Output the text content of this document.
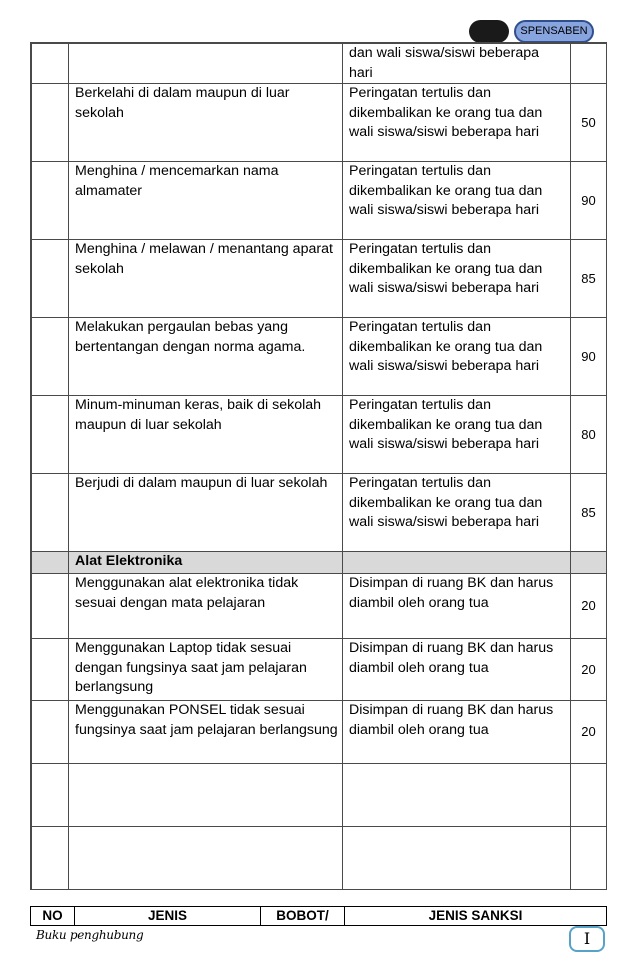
SPENSABEN
		dan wali siswa/siswi beberapa hari	
	Berkelahi di dalam maupun di luar sekolah	Peringatan tertulis dan dikembalikan ke orang tua dan wali siswa/siswi beberapa hari	50
	Menghina / mencemarkan nama almamater	Peringatan tertulis dan dikembalikan ke orang tua dan wali siswa/siswi beberapa hari	90
	Menghina / melawan / menantang aparat sekolah	Peringatan tertulis dan dikembalikan ke orang tua dan wali siswa/siswi beberapa hari	85
	Melakukan pergaulan bebas yang bertentangan dengan norma agama.	Peringatan tertulis dan dikembalikan ke orang tua dan wali siswa/siswi beberapa hari	90
	Minum-minuman keras, baik di sekolah maupun di luar sekolah	Peringatan tertulis dan dikembalikan ke orang tua dan wali siswa/siswi beberapa hari	80
	Berjudi di dalam maupun di luar sekolah	Peringatan tertulis dan dikembalikan ke orang tua dan wali siswa/siswi beberapa hari	85
	Alat Elektronika		
	Menggunakan alat elektronika tidak sesuai dengan mata pelajaran	Disimpan di ruang BK dan harus diambil oleh orang tua	20
	Menggunakan Laptop tidak sesuai dengan fungsinya saat jam pelajaran berlangsung	Disimpan di ruang BK dan harus diambil oleh orang tua	20
	Menggunakan PONSEL tidak sesuai fungsinya saat jam pelajaran berlangsung	Disimpan di ruang BK dan harus diambil oleh orang tua	20

NO	JENIS	BOBOT/	JENIS SANKSI
Buku penghubung	I
